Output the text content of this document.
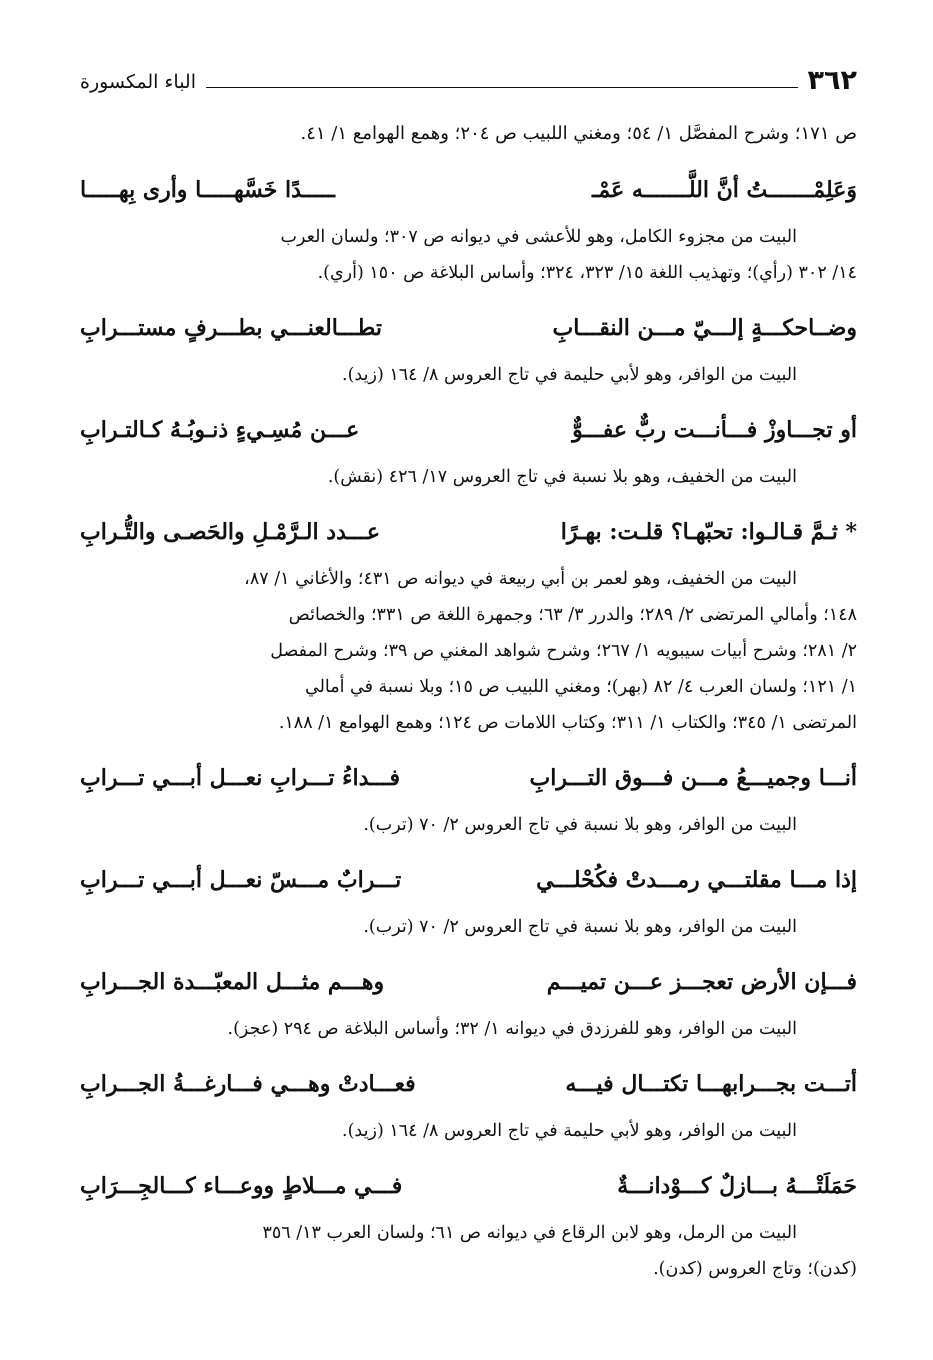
٣٦٢
الباء المكسورة

ص ١٧١؛ وشرح المفصَّل ١/ ٥٤؛ ومغني اللبيب ص ٢٠٤؛ وهمع الهوامع ١/ ٤١.

وَعَلِمْـــــــتُ أنَّ اللَّـــــــه عَمْـ
ـــــدًا خَسَّهـــــا وأرى بِهـــــا

البيت من مجزوء الكامل، وهو للأعشى في ديوانه ص ٣٠٧؛ ولسان العرب

١٤/ ٣٠٢ (رأي)؛ وتهذيب اللغة ١٥/ ٣٢٣، ٣٢٤؛ وأساس البلاغة ص ١٥٠ (أري).

وضــاحكـــةٍ إلـــيّ مـــن النقـــابِ
تطـــالعنـــي بطـــرفٍ مستـــرابِ

البيت من الوافر، وهو لأبي حليمة في تاج العروس ٨/ ١٦٤ (زيد).

أو تجـــاوزْ فـــأنـــت ربٌّ عفـــوٌّ
عـــن مُسِـيءٍ ذنـوبُـهُ كـالتـرابِ

البيت من الخفيف، وهو بلا نسبة في تاج العروس ١٧/ ٤٢٦ (نقش).

* ثـمَّ قـالـوا: تحبّهـا؟ قلـت: بهـرًا
عـــدد الـرَّمْـلِ والحَصـى والتُّـرابِ

البيت من الخفيف، وهو لعمر بن أبي ربيعة في ديوانه ص ٤٣١؛ والأغاني ١/ ٨٧،

١٤٨؛ وأمالي المرتضى ٢/ ٢٨٩؛ والدرر ٣/ ٦٣؛ وجمهرة اللغة ص ٣٣١؛ والخصائص

٢/ ٢٨١؛ وشرح أبيات سيبويه ١/ ٢٦٧؛ وشرح شواهد المغني ص ٣٩؛ وشرح المفصل

١/ ١٢١؛ ولسان العرب ٤/ ٨٢ (بهر)؛ ومغني اللبيب ص ١٥؛ وبلا نسبة في أمالي

المرتضى ١/ ٣٤٥؛ والكتاب ١/ ٣١١؛ وكتاب اللامات ص ١٢٤؛ وهمع الهوامع ١/ ١٨٨.

أنـــا وجميـــعُ مـــن فـــوق التـــرابِ
فـــداءُ تـــرابِ نعـــل أبـــي تـــرابِ

البيت من الوافر، وهو بلا نسبة في تاج العروس ٢/ ٧٠ (ترب).

إذا مـــا مقلتـــي رمـــدتْ فكُحْلـــي
تـــرابٌ مـــسّ نعـــل أبـــي تـــرابِ

البيت من الوافر، وهو بلا نسبة في تاج العروس ٢/ ٧٠ (ترب).

فـــإن الأرض تعجـــز عـــن تميـــم
وهـــم مثـــل المعبّـــدة الجـــرابِ

البيت من الوافر، وهو للفرزدق في ديوانه ١/ ٣٢؛ وأساس البلاغة ص ٢٩٤ (عجز).

أتـــت بجـــرابهـــا تكتـــال فيـــه
فعـــادتْ وهـــي فـــارغـــةُ الجـــرابِ

البيت من الوافر، وهو لأبي حليمة في تاج العروس ٨/ ١٦٤ (زيد).

حَمَلَتْـــهُ بـــازلٌ كـــوْدانـــةٌ
فـــي مـــلاطٍ ووعـــاء كـــالجِـــرَابِ

البيت من الرمل، وهو لابن الرقاع في ديوانه ص ٦١؛ ولسان العرب ١٣/ ٣٥٦

(كدن)؛ وتاج العروس (كدن).
